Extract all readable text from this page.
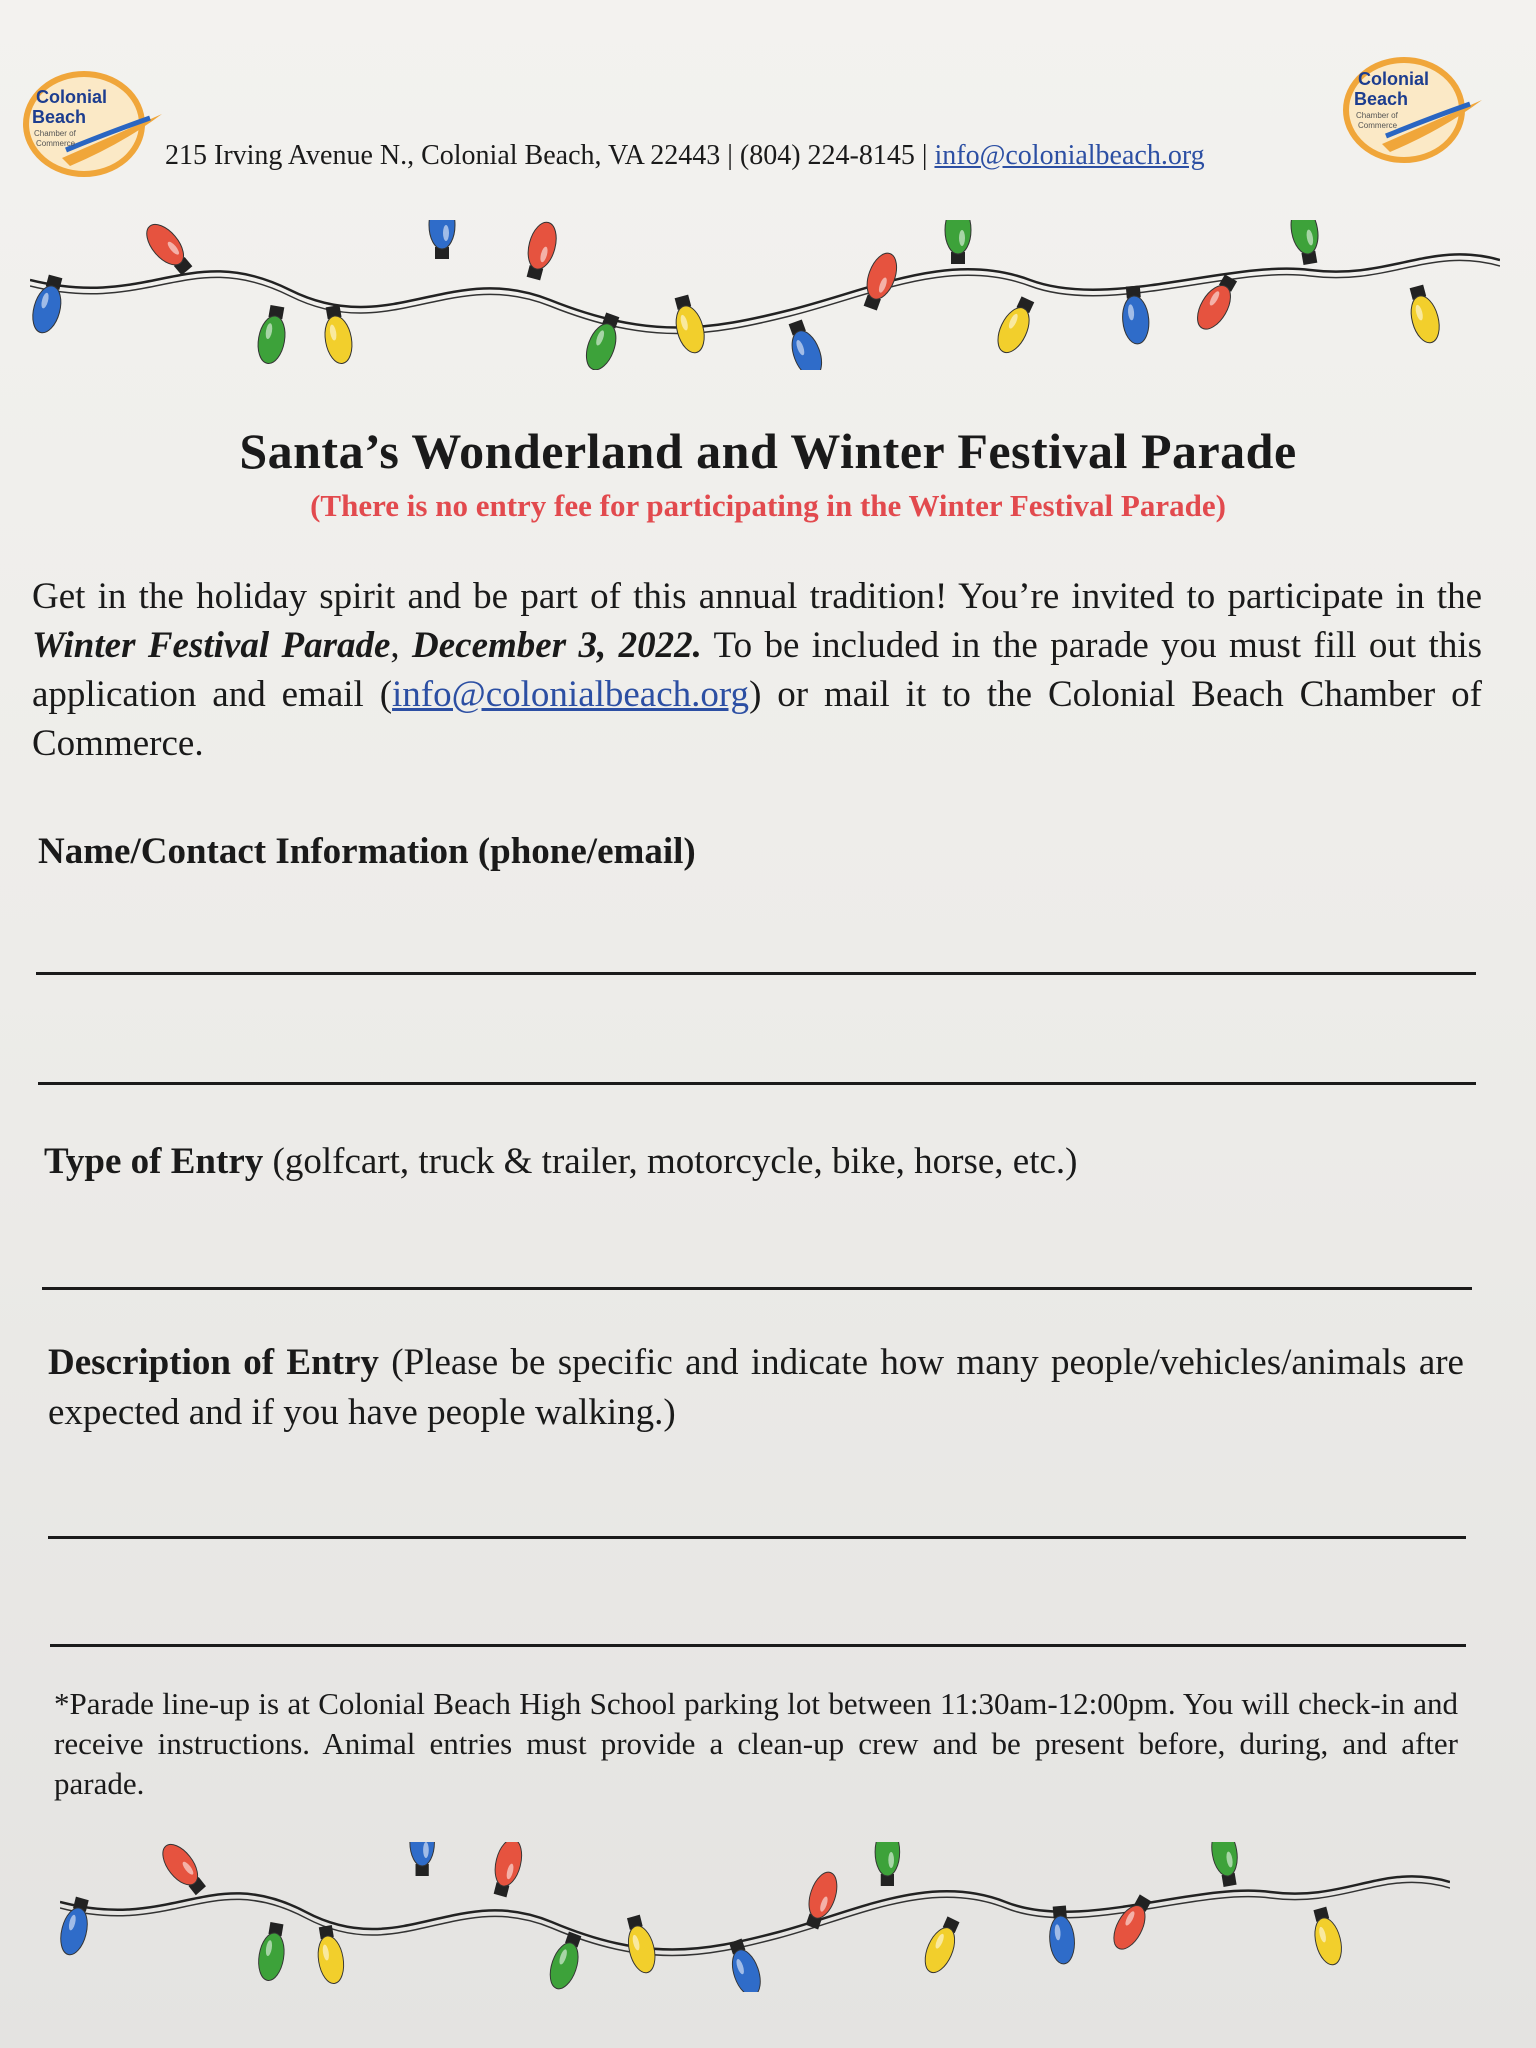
Colonial
Beach
Chamber of
Commerce
Colonial
Beach
Chamber of
Commerce
215 Irving Avenue N., Colonial Beach, VA 22443 | (804) 224-8145 | info@colonialbeach.org
Santa’s Wonderland and Winter Festival Parade
(There is no entry fee for participating in the Winter Festival Parade)
Get in the holiday spirit and be part of this annual tradition! You’re invited to participate in the Winter Festival Parade, December 3, 2022. To be included in the parade you must fill out this application and email (info@colonialbeach.org) or mail it to the Colonial Beach Chamber of Commerce.
Name/Contact Information (phone/email)
Type of Entry (golfcart, truck & trailer, motorcycle, bike, horse, etc.)
Description of Entry (Please be specific and indicate how many people/vehicles/animals are expected and if you have people walking.)
*Parade line-up is at Colonial Beach High School parking lot between 11:30am-12:00pm. You will check-in and receive instructions. Animal entries must provide a clean-up crew and be present before, during, and after parade.
